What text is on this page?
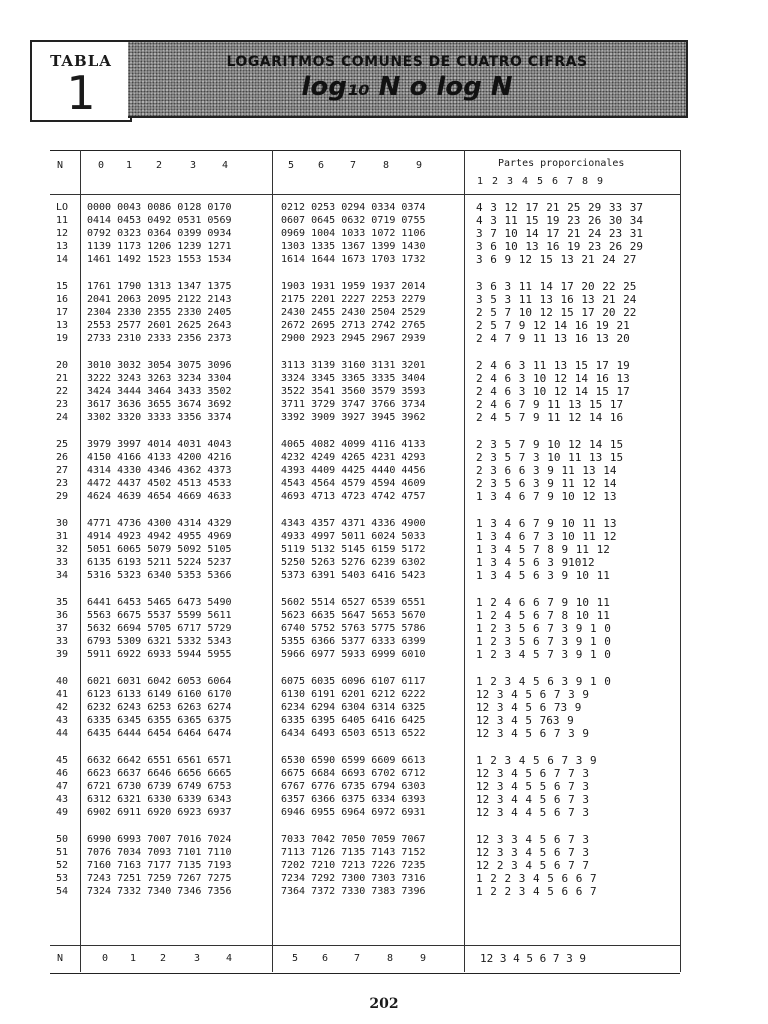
TABLA
1
LOGARITMOS COMUNES DE CUATRO CIFRAS
log₁₀ N o log N
N	Partes proporcionales
0 1 2	3	4	5 6	7	8	9
1 2 3 4 5 6 7 8 9
LO 0000 0043 0086 0128 0170	0212 0253 0294 0334 0374	4 3 12 17 21 25 29 33 37
11 0414 0453 0492 0531 0569	0607 0645 0632 0719 0755	4 3 11 15 19 23 26 30 34
12 0792 0323 0364 0399 0934	0969 1004 1033 1072 1106	3 7 10 14 17 21 24 23 31
13 1139 1173 1206 1239 1271	1303 1335 1367 1399 1430	3 6 10 13 16 19 23 26 29
14 1461 1492 1523 1553 1534	1614 1644 1673 1703 1732	3 6 9 12 15 13 21 24 27
15 1761 1790 1313 1347 1375	1903 1931 1959 1937 2014	3 6 3 11 14 17 20 22 25
16 2041 2063 2095 2122 2143	2175 2201 2227 2253 2279	3 5 3 11 13 16 13 21 24
17 2304 2330 2355 2330 2405	2430 2455 2430 2504 2529	2 5 7 10 12 15 17 20 22
13 2553 2577 2601 2625 2643	2672 2695 2713 2742 2765	2 5 7 9 12 14 16 19 21
19 2733 2310 2333 2356 2373	2900 2923 2945 2967 2939	2 4 7 9 11 13 16 13 20
20 3010 3032 3054 3075 3096	3113 3139 3160 3131 3201	2 4 6 3 11 13 15 17 19
21 3222 3243 3263 3234 3304	3324 3345 3365 3335 3404	2 4 6 3 10 12 14 16 13
22 3424 3444 3464 3433 3502	3522 3541 3560 3579 3593	2 4 6 3 10 12 14 15 17
23 3617 3636 3655 3674 3692	3711 3729 3747 3766 3734	2 4 6 7 9 11 13 15 17
24 3302 3320 3333 3356 3374	3392 3909 3927 3945 3962	2 4 5 7 9 11 12 14 16
25 3979 3997 4014 4031 4043	4065 4082 4099 4116 4133	2 3 5 7 9 10 12 14 15
26 4150 4166 4133 4200 4216	4232 4249 4265 4231 4293	2 3 5 7 3 10 11 13 15
27 4314 4330 4346 4362 4373	4393 4409 4425 4440 4456	2 3 6 6 3 9 11 13 14
23 4472 4437 4502 4513 4533	4543 4564 4579 4594 4609	2 3 5 6 3 9 11 12 14
29 4624 4639 4654 4669 4633	4693 4713 4723 4742 4757	1 3 4 6 7 9 10 12 13
30 4771 4736 4300 4314 4329	4343 4357 4371 4336 4900	1 3 4 6 7 9 10 11 13
31 4914 4923 4942 4955 4969	4933 4997 5011 6024 5033	1 3 4 6 7 3 10 11 12
32 5051 6065 5079 5092 5105	5119 5132 5145 6159 5172	1 3 4 5 7 8 9 11 12
33 6135 6193 5211 5224 5237	5250 5263 5276 6239 6302	1 3 4 5 6 3 91012
34 5316 5323 6340 5353 5366	5373 6391 5403 6416 5423	1 3 4 5 6 3 9 10 11
35 6441 6453 5465 6473 5490	5602 5514 6527 6539 6551	1 2 4 6 6 7 9 10 11
36 5563 6675 5537 5599 5611	5623 6635 5647 5653 5670	1 2 4 5 6 7 8 10 11
37 5632 6694 5705 6717 5729	6740 5752 5763 5775 5786	1 2 3 5 6 7 3 9 1 0
33 6793 5309 6321 5332 5343	5355 6366 5377 6333 6399	1 2 3 5 6 7 3 9 1 0
39 5911 6922 6933 5944 5955	5966 6977 5933 6999 6010	1 2 3 4 5 7 3 9 1 0
40 6021 6031 6042 6053 6064	6075 6035 6096 6107 6117	1 2 3 4 5 6 3 9 1 0
41 6123 6133 6149 6160 6170	6130 6191 6201 6212 6222	12 3 4 5 6 7 3 9
42 6232 6243 6253 6263 6274	6234 6294 6304 6314 6325	12 3 4 5 6 73 9
43 6335 6345 6355 6365 6375	6335 6395 6405 6416 6425	12 3 4 5 763 9
44 6435 6444 6454 6464 6474	6434 6493 6503 6513 6522	12 3 4 5 6 7 3 9
45 6632 6642 6551 6561 6571	6530 6590 6599 6609 6613	1 2 3 4 5 6 7 3 9
46 6623 6637 6646 6656 6665	6675 6684 6693 6702 6712	12 3 4 5 6 7 7 3
47 6721 6730 6739 6749 6753	6767 6776 6735 6794 6303	12 3 4 5 5 6 7 3
43 6312 6321 6330 6339 6343	6357 6366 6375 6334 6393	12 3 4 4 5 6 7 3
49 6902 6911 6920 6923 6937	6946 6955 6964 6972 6931	12 3 4 4 5 6 7 3
50 6990 6993 7007 7016 7024	7033 7042 7050 7059 7067	12 3 3 4 5 6 7 3
51 7076 7034 7093 7101 7110	7113 7126 7135 7143 7152	12 3 3 4 5 6 7 3
52 7160 7163 7177 7135 7193	7202 7210 7213 7226 7235	12 2 3 4 5 6 7 7
53 7243 7251 7259 7267 7275	7234 7292 7300 7303 7316	1 2 2 3 4 5 6 6 7
54 7324 7332 7340 7346 7356	7364 7372 7330 7383 7396	1 2 2 3 4 5 6 6 7
N	12 3 4 5 6 7 3 9
0 1 2	3	4	5 6	7	8	9
202
